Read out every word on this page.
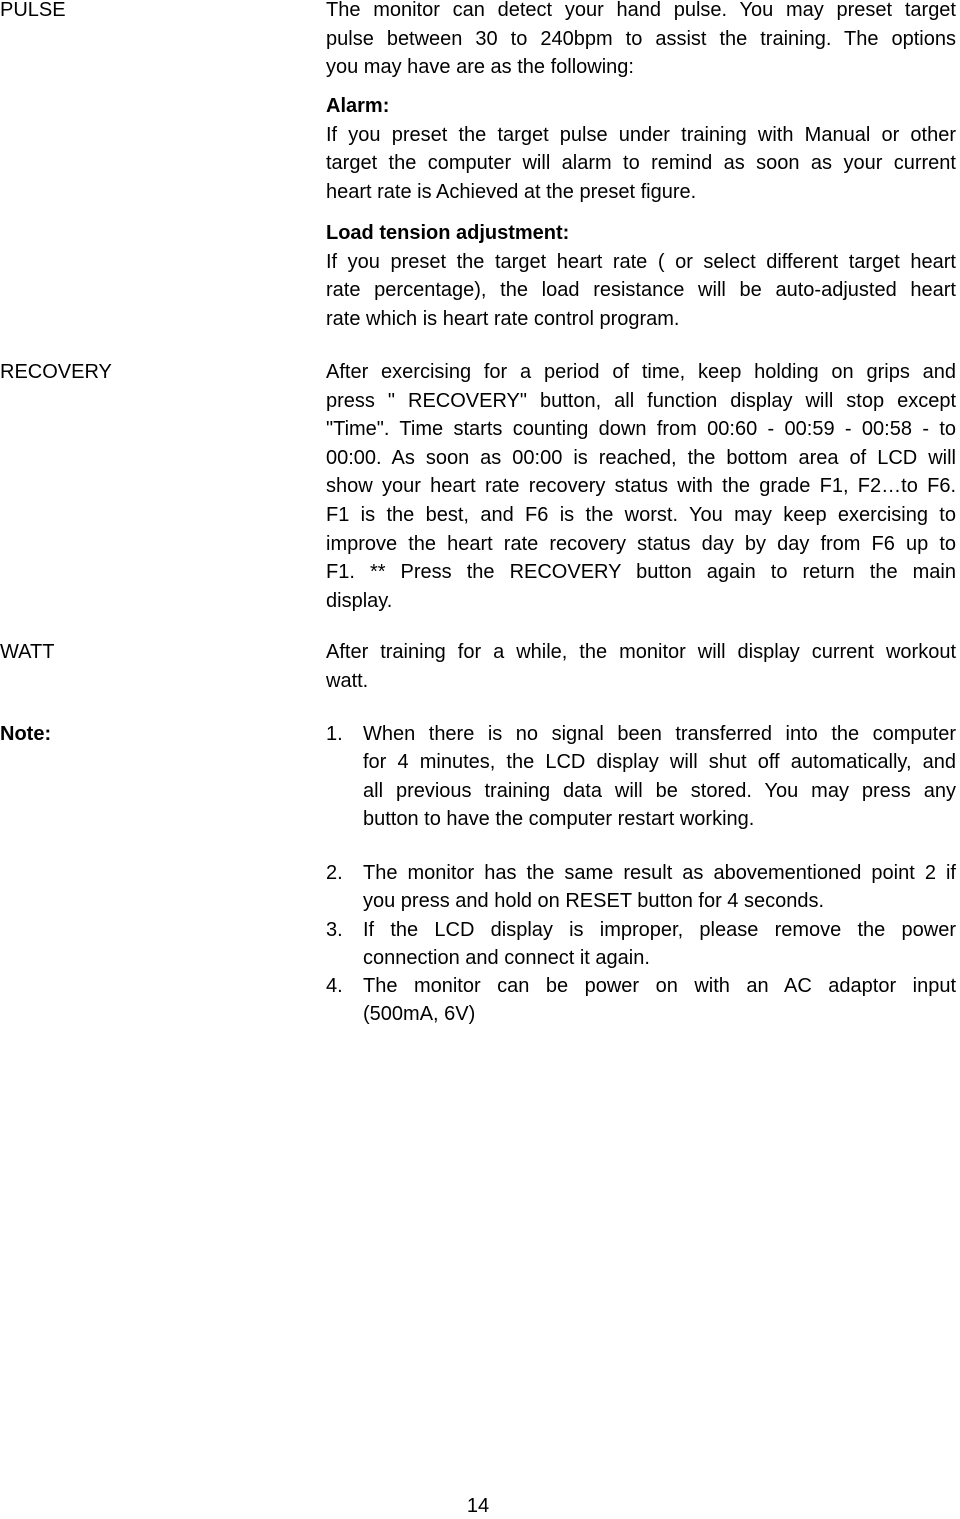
PULSE	The monitor can detect your hand pulse. You may preset target
pulse between 30 to 240bpm to assist the training. The options
you may have are as the following:
Alarm:
If you preset the target pulse under training with Manual or other
target the computer will alarm to remind as soon as your current
heart rate is Achieved at the preset figure.
Load tension adjustment:
If you preset the target heart rate ( or select different target heart
rate percentage), the load resistance will be auto-adjusted heart
rate which is heart rate control program.

RECOVERY	After exercising for a period of time, keep holding on grips and
press " RECOVERY" button, all function display will stop except
"Time". Time starts counting down from 00:60 - 00:59 - 00:58 - to
00:00. As soon as 00:00 is reached, the bottom area of LCD will
show your heart rate recovery status with the grade F1, F2…to F6.
F1 is the best, and F6 is the worst. You may keep exercising to
improve the heart rate recovery status day by day from F6 up to
F1. ** Press the RECOVERY button again to return the main
display.

WATT	After training for a while, the monitor will display current workout
watt.

Note:	1. When there is no signal been transferred into the computer
for 4 minutes, the LCD display will shut off automatically, and
all previous training data will be stored. You may press any
button to have the computer restart working.
2. The monitor has the same result as abovementioned point 2 if
you press and hold on RESET button for 4 seconds.
3. If the LCD display is improper, please remove the power
connection and connect it again.
4. The monitor can be power on with an AC adaptor input
(500mA, 6V)
14
